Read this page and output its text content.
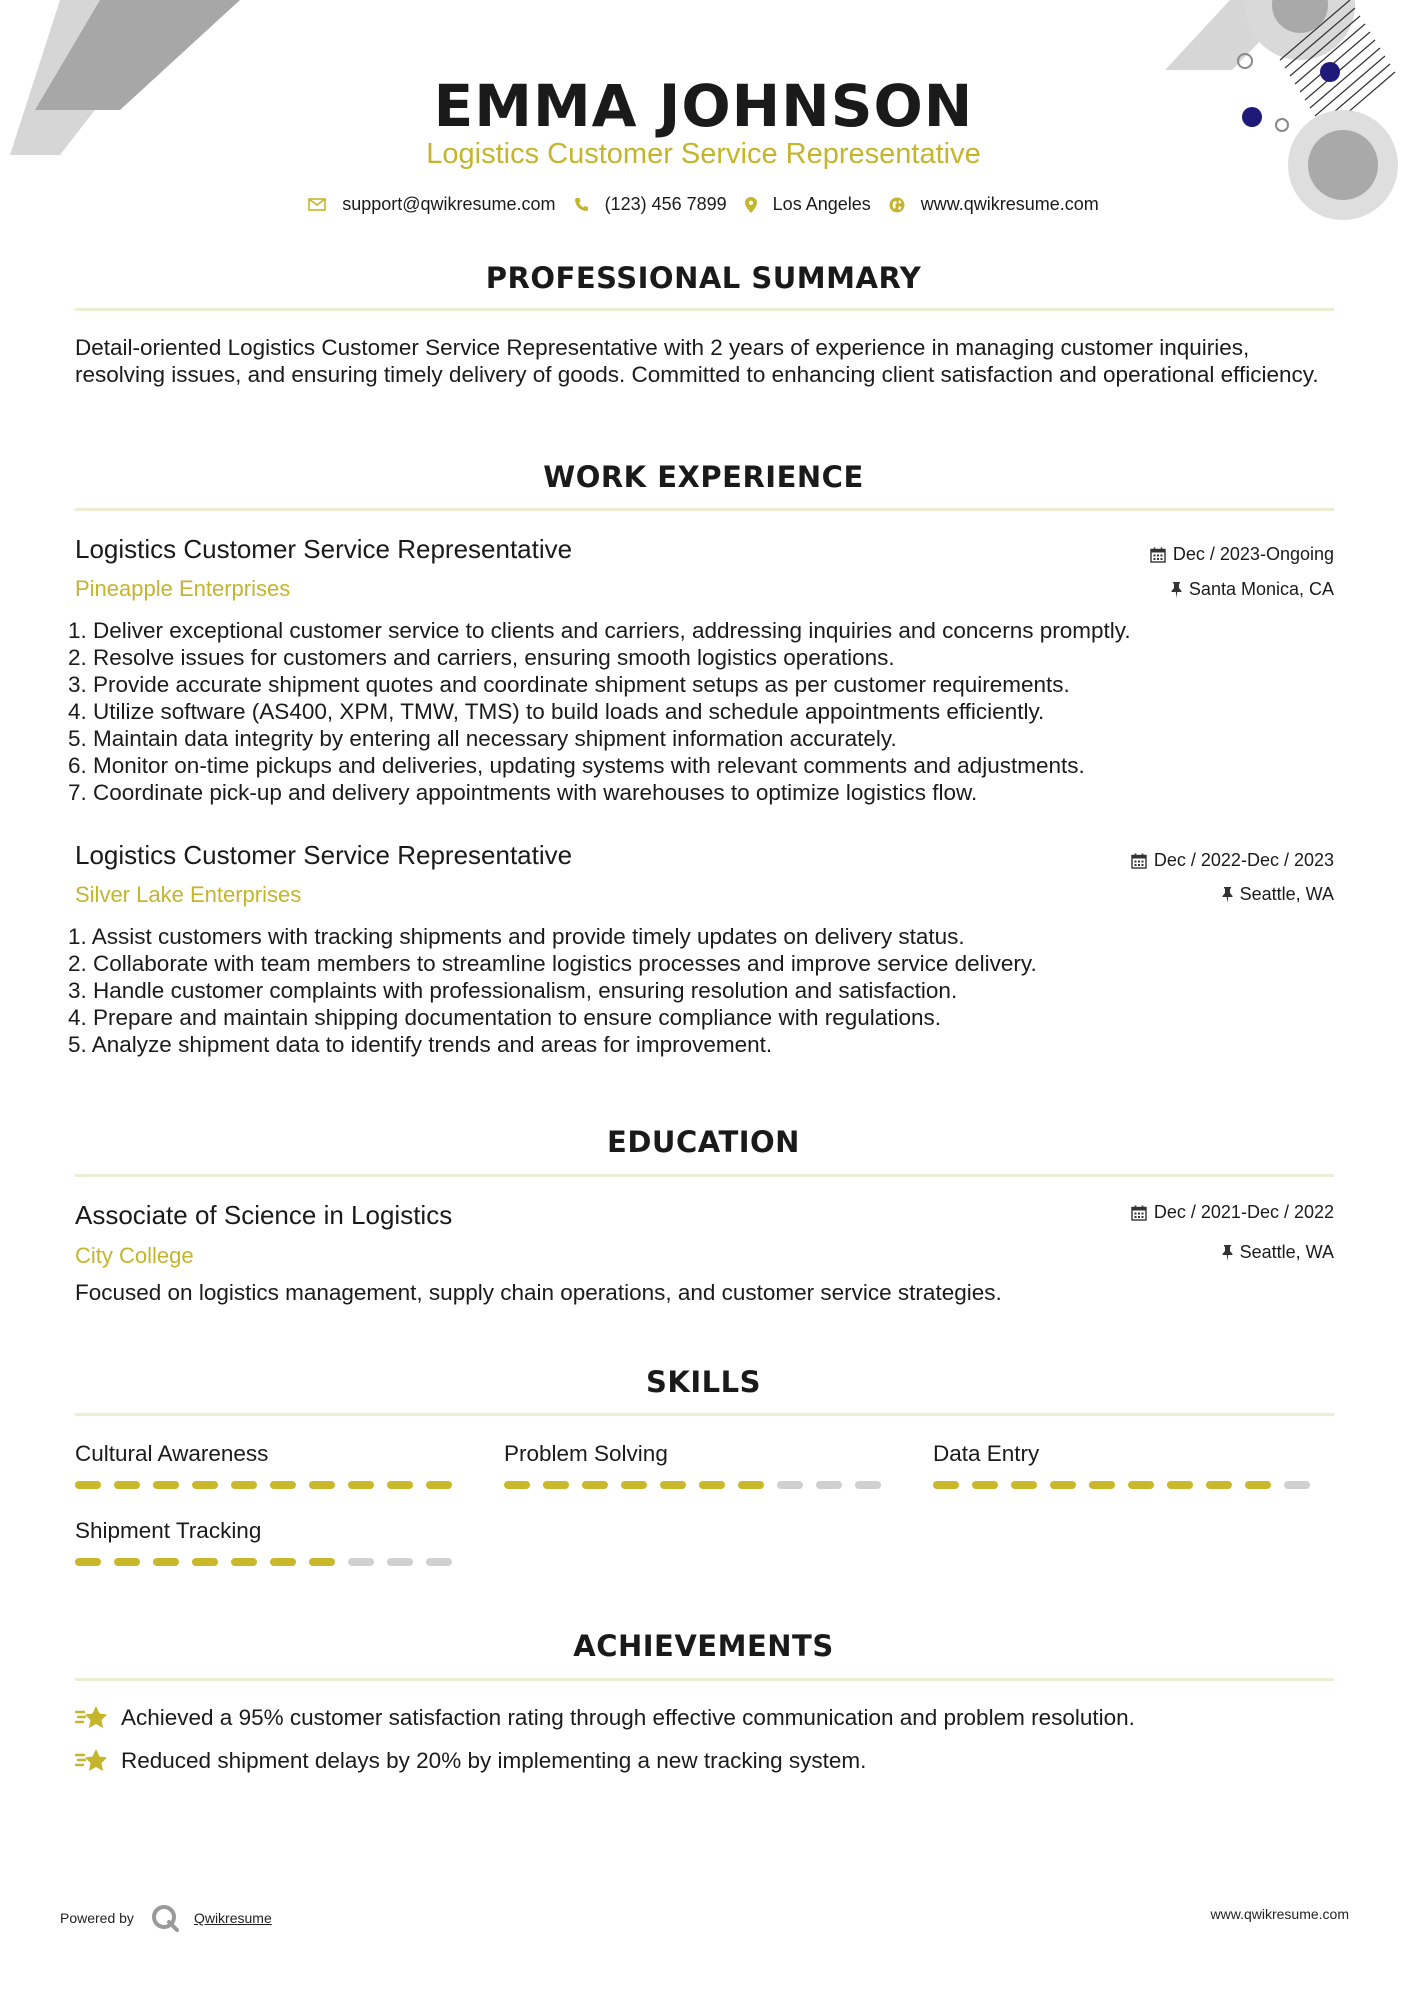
EMMA JOHNSON
Logistics Customer Service Representative
support@qwikresume.com	(123) 456 7899	Los Angeles	www.qwikresume.com
PROFESSIONAL SUMMARY
Detail-oriented Logistics Customer Service Representative with 2 years of experience in managing customer inquiries, resolving issues, and ensuring timely delivery of goods. Committed to enhancing client satisfaction and operational efficiency.
WORK EXPERIENCE
Logistics Customer Service Representative
Pineapple Enterprises
Dec / 2023-Ongoing
Santa Monica, CA
1. Deliver exceptional customer service to clients and carriers, addressing inquiries and concerns promptly.
2. Resolve issues for customers and carriers, ensuring smooth logistics operations.
3. Provide accurate shipment quotes and coordinate shipment setups as per customer requirements.
4. Utilize software (AS400, XPM, TMW, TMS) to build loads and schedule appointments efficiently.
5. Maintain data integrity by entering all necessary shipment information accurately.
6. Monitor on-time pickups and deliveries, updating systems with relevant comments and adjustments.
7. Coordinate pick-up and delivery appointments with warehouses to optimize logistics flow.
Logistics Customer Service Representative
Silver Lake Enterprises
Dec / 2022-Dec / 2023
Seattle, WA
1. Assist customers with tracking shipments and provide timely updates on delivery status.
2. Collaborate with team members to streamline logistics processes and improve service delivery.
3. Handle customer complaints with professionalism, ensuring resolution and satisfaction.
4. Prepare and maintain shipping documentation to ensure compliance with regulations.
5. Analyze shipment data to identify trends and areas for improvement.
EDUCATION
Associate of Science in Logistics
City College
Dec / 2021-Dec / 2022
Seattle, WA
Focused on logistics management, supply chain operations, and customer service strategies.
SKILLS
Cultural Awareness	Problem Solving	Data Entry
Shipment Tracking
ACHIEVEMENTS
Achieved a 95% customer satisfaction rating through effective communication and problem resolution.
Reduced shipment delays by 20% by implementing a new tracking system.
Powered by	Qwikresume	www.qwikresume.com
